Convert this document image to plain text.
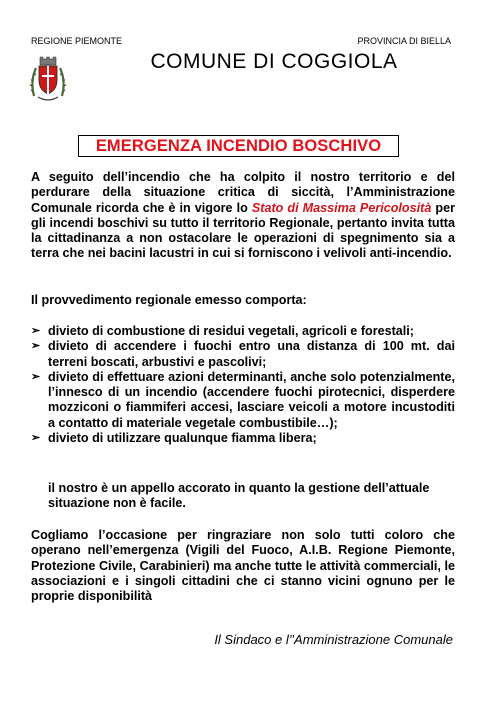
REGIONE PIEMONTE	PROVINCIA DI BIELLA
COMUNE DI COGGIOLA
EMERGENZA INCENDIO BOSCHIVO
A seguito dell’incendio che ha colpito il nostro territorio e del perdurare della situazione critica di siccità, l’Amministrazione Comunale ricorda che è in vigore lo Stato di Massima Pericolosità per gli incendi boschivi su tutto il territorio Regionale, pertanto invita tutta la cittadinanza a non ostacolare le operazioni di spegnimento sia a terra che nei bacini lacustri in cui si forniscono i velivoli anti-incendio.
Il provvedimento regionale emesso comporta:
➢ divieto di combustione di residui vegetali, agricoli e forestali;
➢ divieto di accendere i fuochi entro una distanza di 100 mt. dai terreni boscati, arbustivi e pascolivi;
➢ divieto di effettuare azioni determinanti, anche solo potenzialmente, l’innesco di un incendio (accendere fuochi pirotecnici, disperdere mozziconi o fiammiferi accesi, lasciare veicoli a motore incustoditi a contatto di materiale vegetale combustibile…);
➢ divieto di utilizzare qualunque fiamma libera;
il nostro è un appello accorato in quanto la gestione dell’attuale situazione non è facile.
Cogliamo l’occasione per ringraziare non solo tutti coloro che operano nell’emergenza (Vigili del Fuoco, A.I.B. Regione Piemonte, Protezione Civile, Carabinieri) ma anche tutte le attività commerciali, le associazioni e i singoli cittadini che ci stanno vicini ognuno per le proprie disponibilità
Il Sindaco e l’’Amministrazione Comunale
